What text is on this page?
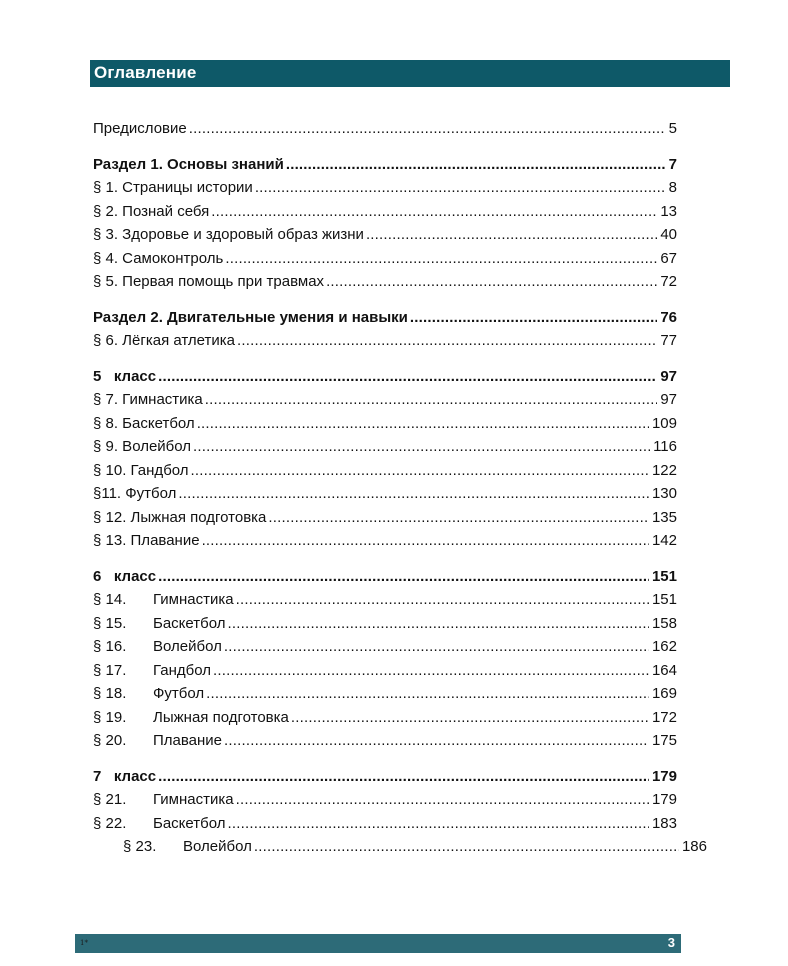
Оглавление
Предисловие .....	5
Раздел 1. Основы знаний .....	7
§ 1. Страницы истории .....	8
§ 2. Познай себя .....	13
§ 3. Здоровье и здоровый образ жизни .....	40
§ 4. Самоконтроль .....	67
§ 5. Первая помощь при травмах .....	72
Раздел 2. Двигательные умения и навыки .....	76
§ 6. Лёгкая атлетика .....	77
5   класс .....	97
§ 7. Гимнастика .....	97
§ 8. Баскетбол .....	109
§ 9. Волейбол .....	116
§ 10. Гандбол .....	122
§11. Футбол .....	130
§ 12. Лыжная подготовка .....	135
§ 13. Плавание .....	142
6   класс .....	151
§ 14. Гимнастика .....	151
§ 15. Баскетбол .....	158
§ 16. Волейбол .....	162
§ 17. Гандбол .....	164
§ 18. Футбол .....	169
§ 19. Лыжная подготовка .....	172
§ 20. Плавание .....	175
7   класс .....	179
§ 21. Гимнастика .....	179
§ 22. Баскетбол .....	183
§ 23. Волейбол .....	186
1*	3
